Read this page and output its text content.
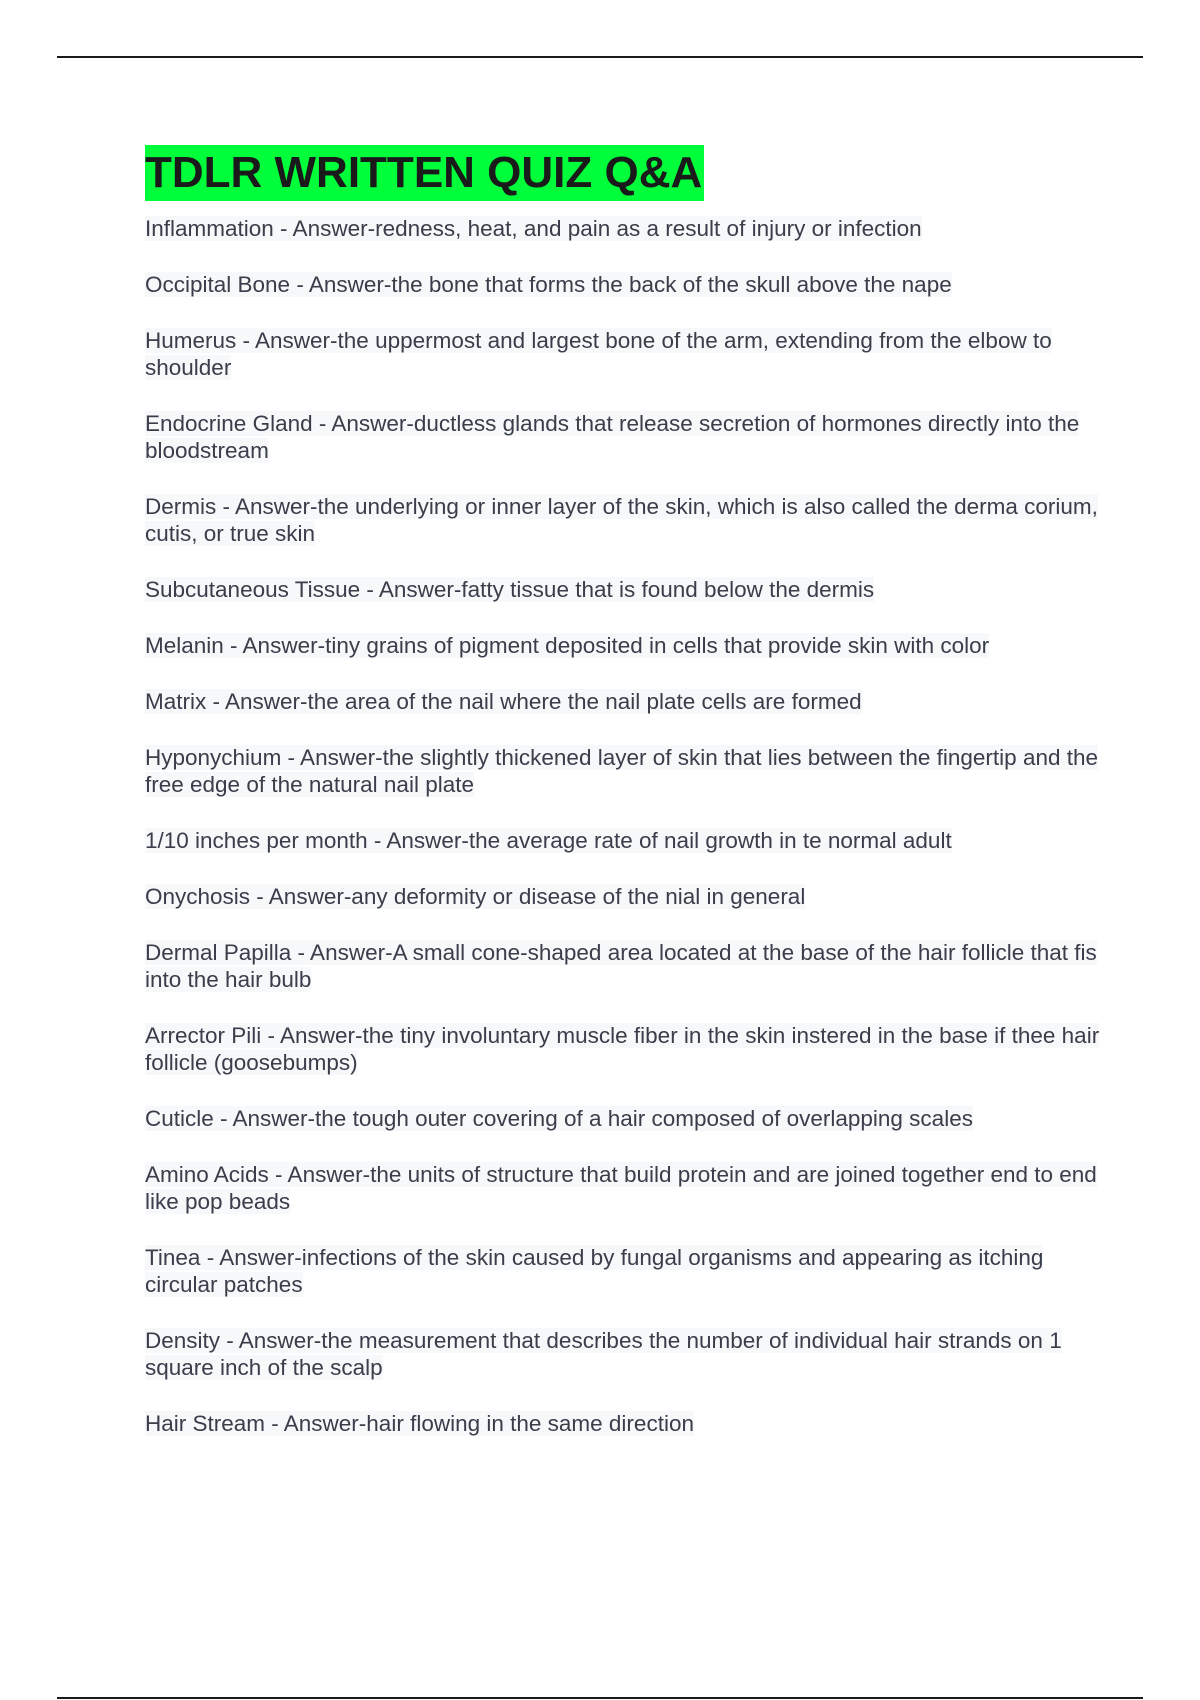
TDLR WRITTEN QUIZ Q&A
Inflammation - Answer-redness, heat, and pain as a result of injury or infection
Occipital Bone - Answer-the bone that forms the back of the skull above the nape
Humerus - Answer-the uppermost and largest bone of the arm, extending from the elbow to shoulder
Endocrine Gland - Answer-ductless glands that release secretion of hormones directly into the bloodstream
Dermis - Answer-the underlying or inner layer of the skin, which is also called the derma corium, cutis, or true skin
Subcutaneous Tissue - Answer-fatty tissue that is found below the dermis
Melanin - Answer-tiny grains of pigment deposited in cells that provide skin with color
Matrix - Answer-the area of the nail where the nail plate cells are formed
Hyponychium - Answer-the slightly thickened layer of skin that lies between the fingertip and the free edge of the natural nail plate
1/10 inches per month - Answer-the average rate of nail growth in te normal adult
Onychosis - Answer-any deformity or disease of the nial in general
Dermal Papilla - Answer-A small cone-shaped area located at the base of the hair follicle that fis into the hair bulb
Arrector Pili - Answer-the tiny involuntary muscle fiber in the skin instered in the base if thee hair follicle (goosebumps)
Cuticle - Answer-the tough outer covering of a hair composed of overlapping scales
Amino Acids - Answer-the units of structure that build protein and are joined together end to end like pop beads
Tinea - Answer-infections of the skin caused by fungal organisms and appearing as itching circular patches
Density - Answer-the measurement that describes the number of individual hair strands on 1 square inch of the scalp
Hair Stream - Answer-hair flowing in the same direction
